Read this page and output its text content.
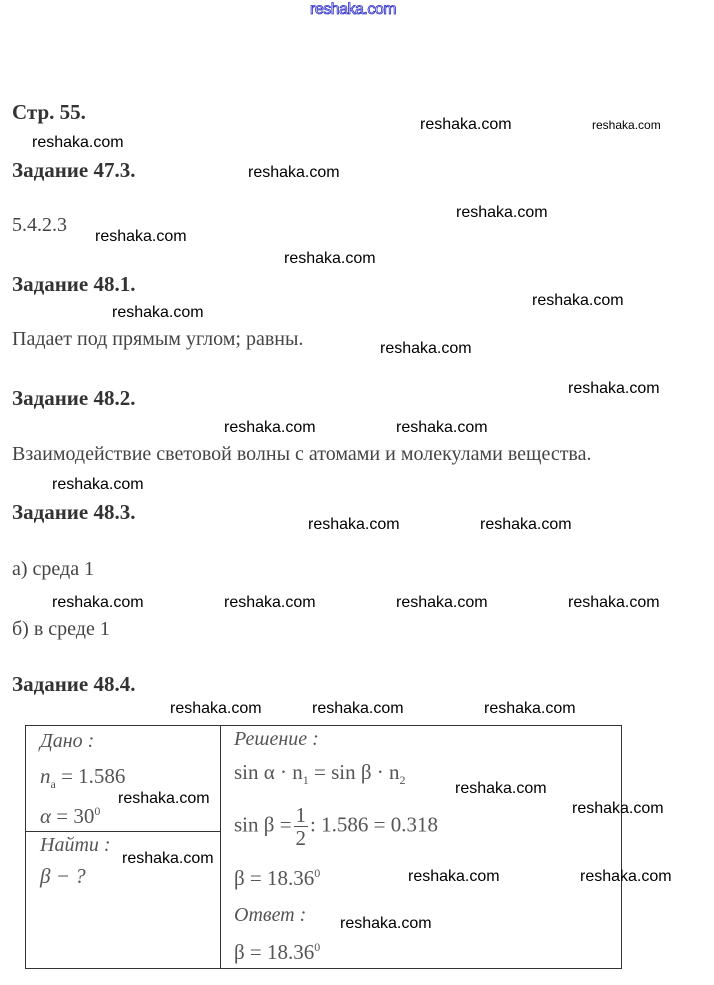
reshaka.com
Стр. 55.
Задание 47.3.
5.4.2.3
Задание 48.1.
Падает под прямым углом; равны.
Задание 48.2.
Взаимодействие световой волны с атомами и молекулами вещества.
Задание 48.3.
а) среда 1
б) в среде 1
Задание 48.4.
Дано :
$n_a = 1.586$
$\alpha = 30^0$
Найти :
β − ?
Решение :
$\sin \alpha \cdot n_1 = \sin \beta \cdot n_2$
$\sin \beta = \frac{1}{2}$ : 1.586 = 0.318
$\beta = 18.36^0$
Ответ :
$\beta = 18.36^0$
reshaka.com	reshaka.com
reshaka.com
reshaka.com
reshaka.com
reshaka.com
reshaka.com
reshaka.com
reshaka.com
reshaka.com
reshaka.com
reshaka.com	reshaka.com
reshaka.com
reshaka.com	reshaka.com
reshaka.com	reshaka.com	reshaka.com	reshaka.com
reshaka.com	reshaka.com	reshaka.com
reshaka.com
reshaka.com
reshaka.com
reshaka.com
reshaka.com	reshaka.com
reshaka.com
